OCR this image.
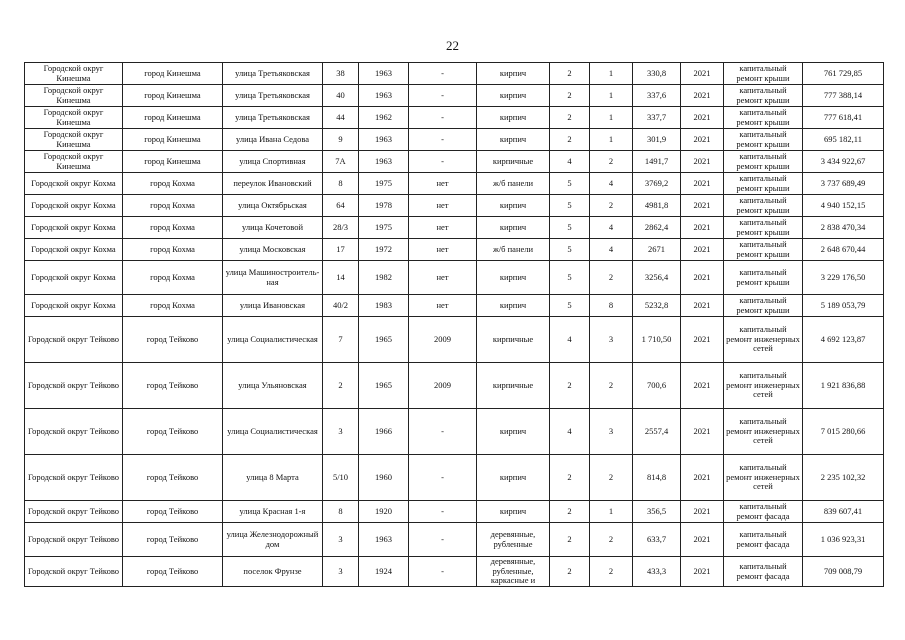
22
Городской округ Кинешма	город Кинешма	улица Третьяковская	38	1963	-	кирпич	2	1	330,8	2021	капитальный ремонт крыши	761 729,85
Городской округ Кинешма	город Кинешма	улица Третьяковская	40	1963	-	кирпич	2	1	337,6	2021	капитальный ремонт крыши	777 388,14
Городской округ Кинешма	город Кинешма	улица Третьяковская	44	1962	-	кирпич	2	1	337,7	2021	капитальный ремонт крыши	777 618,41
Городской округ Кинешма	город Кинешма	улица Ивана Седова	9	1963	-	кирпич	2	1	301,9	2021	капитальный ремонт крыши	695 182,11
Городской округ Кинешма	город Кинешма	улица Спортивная	7А	1963	-	кирпичные	4	2	1491,7	2021	капитальный ремонт крыши	3 434 922,67
Городской округ Кохма	город Кохма	переулок Ивановский	8	1975	нет	ж/б панели	5	4	3769,2	2021	капитальный ремонт крыши	3 737 689,49
Городской округ Кохма	город Кохма	улица Октябрьская	64	1978	нет	кирпич	5	2	4981,8	2021	капитальный ремонт крыши	4 940 152,15
Городской округ Кохма	город Кохма	улица Кочетовой	28/3	1975	нет	кирпич	5	4	2862,4	2021	капитальный ремонт крыши	2 838 470,34
Городской округ Кохма	город Кохма	улица Московская	17	1972	нет	ж/б панели	5	4	2671	2021	капитальный ремонт крыши	2 648 670,44
Городской округ Кохма	город Кохма	улица Машиностроитель-ная	14	1982	нет	кирпич	5	2	3256,4	2021	капитальный ремонт крыши	3 229 176,50
Городской округ Кохма	город Кохма	улица Ивановская	40/2	1983	нет	кирпич	5	8	5232,8	2021	капитальный ремонт крыши	5 189 053,79
Городской округ Тейково	город Тейково	улица Социалистическая	7	1965	2009	кирпичные	4	3	1 710,50	2021	капитальный ремонт инженерных сетей	4 692 123,87
Городской округ Тейково	город Тейково	улица Ульяновская	2	1965	2009	кирпичные	2	2	700,6	2021	капитальный ремонт инженерных сетей	1 921 836,88
Городской округ Тейково	город Тейково	улица Социалистическая	3	1966	-	кирпич	4	3	2557,4	2021	капитальный ремонт инженерных сетей	7 015 280,66
Городской округ Тейково	город Тейково	улица 8 Марта	5/10	1960	-	кирпич	2	2	814,8	2021	капитальный ремонт инженерных сетей	2 235 102,32
Городской округ Тейково	город Тейково	улица Красная 1-я	8	1920	-	кирпич	2	1	356,5	2021	капитальный ремонт фасада	839 607,41
Городской округ Тейково	город Тейково	улица Железнодорожный дом	3	1963	-	деревянные, рубленные	2	2	633,7	2021	капитальный ремонт фасада	1 036 923,31
Городской округ Тейково	город Тейково	поселок Фрунзе	3	1924	-	деревянные, рубленные, каркасные и	2	2	433,3	2021	капитальный ремонт фасада	709 008,79
